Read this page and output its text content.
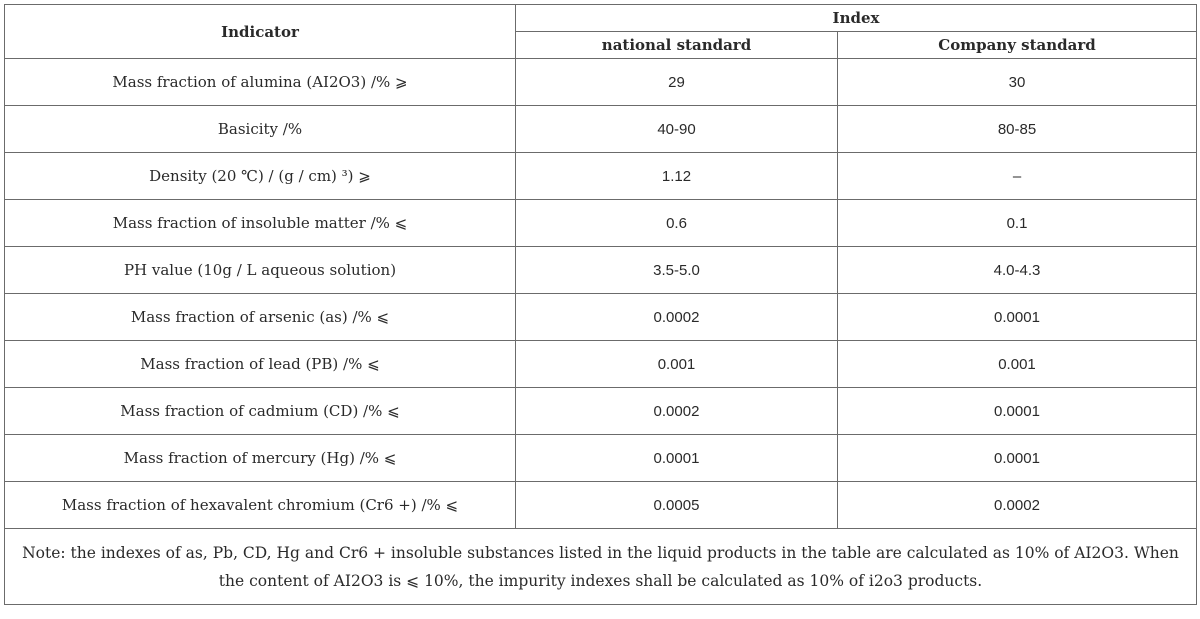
Indicator	Index	
	national standard	Company standard
Mass fraction of alumina (AI2O3) /% ⩾	29	30
Basicity /%	40-90	80-85
Density (20 ℃) / (g / cm) ³) ⩾	1.12	–
Mass fraction of insoluble matter /% ⩽	0.6	0.1
PH value (10g / L aqueous solution)	3.5-5.0	4.0-4.3
Mass fraction of arsenic (as) /% ⩽	0.0002	0.0001
Mass fraction of lead (PB) /% ⩽	0.001	0.001
Mass fraction of cadmium (CD) /% ⩽	0.0002	0.0001
Mass fraction of mercury (Hg) /% ⩽	0.0001	0.0001
Mass fraction of hexavalent chromium (Cr6 +) /% ⩽	0.0005	0.0002
Note: the indexes of as, Pb, CD, Hg and Cr6 + insoluble substances listed in the liquid products in the table are calculated as 10% of AI2O3. When the content of AI2O3 is ⩽ 10%, the impurity indexes shall be calculated as 10% of i2o3 products.		
